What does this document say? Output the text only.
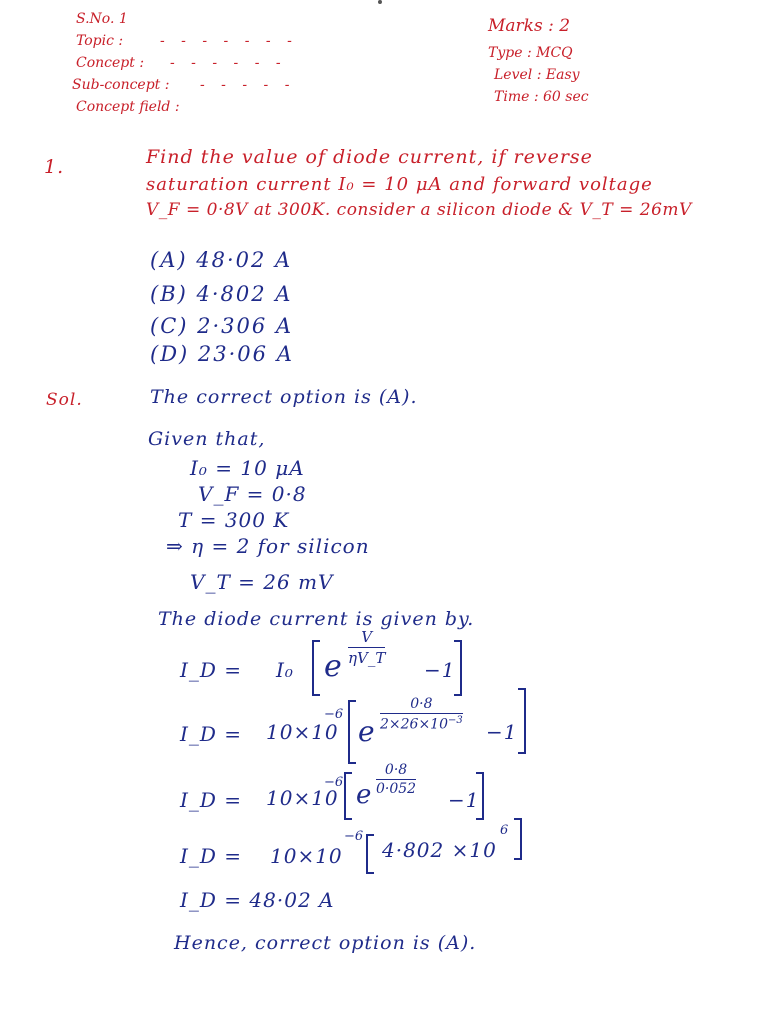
S.No. 1
Topic :	- - - - - - -
Concept : - - - - - -
Sub-concept : - - - - -
Concept field :
Marks : 2
Type : MCQ
Level : Easy
Time : 60 sec
1.	Find the value of diode current, if reverse
saturation current I₀ = 10 μA and forward voltage
V_F = 0·8V at 300K. consider a silicon diode & V_T = 26mV
(A) 48·02 A
(B) 4·802 A
(C) 2·306 A
(D) 23·06 A
Sol.	The correct option is (A).
Given that,
I₀ = 10 μA
V_F = 0·8
T = 300 K
⇒ η = 2 for silicon
V_T = 26 mV
The diode current is given by.
I_D = I₀ e $\frac{V}{\eta V\_T}$
−1
I_D = 10×10
−6
e $\frac{0\cdot 8}{2\times 26\times 10^{-3}} -1$
I_D = 10×10
−6 e $\frac{0\cdot 8}{0\cdot 052}$
−1
I_D = 10×10
−6
4·802 ×10
6
I_D = 48·02 A
Hence, correct option is (A).
